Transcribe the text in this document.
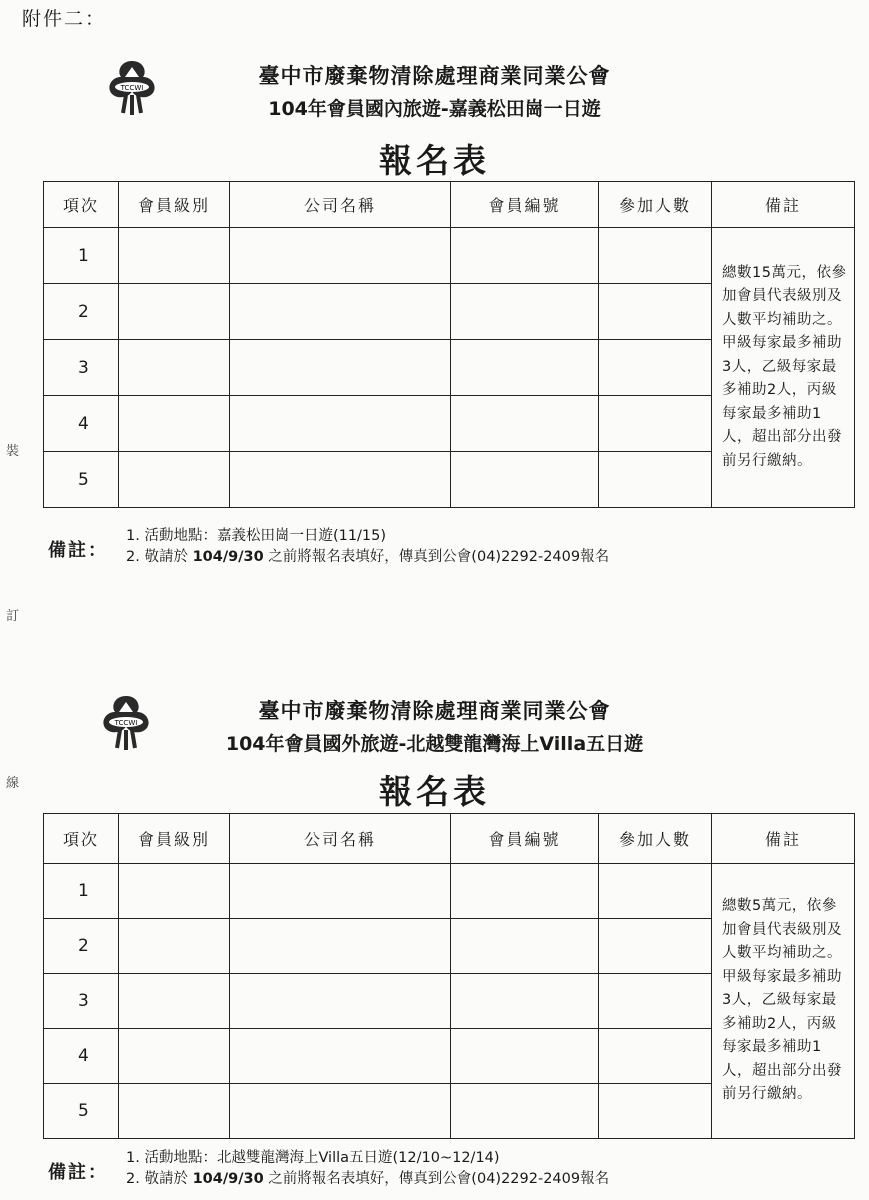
附件二：
裝
訂
線
TCCWI	臺中市廢棄物清除處理商業同業公會
104年會員國內旅遊-嘉義松田崗一日遊
報名表
項次	會員級別	公司名稱	會員編號	參加人數	備註
1					總數15萬元，依參加會員代表級別及人數平均補助之。甲級每家最多補助3人，乙級每家最多補助2人，丙級每家最多補助1人，超出部分出發前另行繳納。
2					
3					
4					
5					
備註：
1. 活動地點：嘉義松田崗一日遊(11/15)
2. 敬請於 104/9/30 之前將報名表填好，傳真到公會(04)2292-2409報名
TCCWI	臺中市廢棄物清除處理商業同業公會
104年會員國外旅遊-北越雙龍灣海上Villa五日遊
報名表
項次	會員級別	公司名稱	會員編號	參加人數	備註
1					總數5萬元，依參加會員代表級別及人數平均補助之。甲級每家最多補助3人，乙級每家最多補助2人，丙級每家最多補助1人，超出部分出發前另行繳納。
2					
3					
4					
5					
備註：
1. 活動地點：北越雙龍灣海上Villa五日遊(12/10~12/14)
2. 敬請於 104/9/30 之前將報名表填好，傳真到公會(04)2292-2409報名
